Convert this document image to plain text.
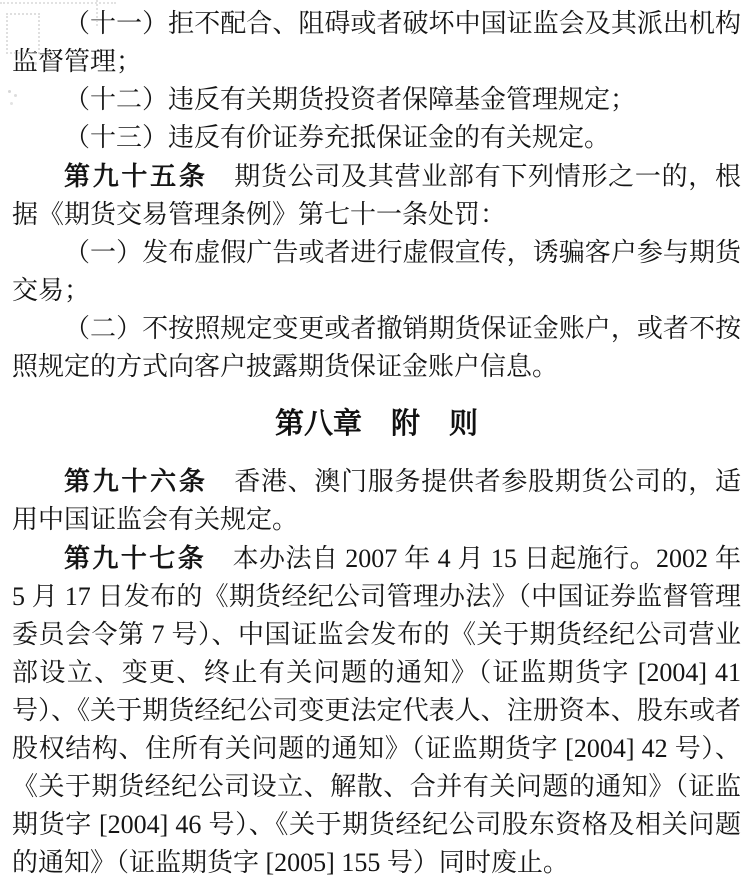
（十一）拒不配合、阻碍或者破坏中国证监会及其派出机构监督管理；

（十二）违反有关期货投资者保障基金管理规定；

（十三）违反有价证券充抵保证金的有关规定。

第九十五条　期货公司及其营业部有下列情形之一的，根据《期货交易管理条例》第七十一条处罚：

（一）发布虚假广告或者进行虚假宣传，诱骗客户参与期货交易；

（二）不按照规定变更或者撤销期货保证金账户，或者不按照规定的方式向客户披露期货保证金账户信息。

第八章　附　则

第九十六条　香港、澳门服务提供者参股期货公司的，适用中国证监会有关规定。

第九十七条　本办法自 2007 年 4 月 15 日起施行。2002 年 5 月 17 日发布的《期货经纪公司管理办法》（中国证券监督管理委员会令第 7 号）、中国证监会发布的《关于期货经纪公司营业部设立、变更、终止有关问题的通知》（证监期货字 [2004] 41 号）、《关于期货经纪公司变更法定代表人、注册资本、股东或者股权结构、住所有关问题的通知》（证监期货字 [2004] 42 号）、《关于期货经纪公司设立、解散、合并有关问题的通知》（证监期货字 [2004] 46 号）、《关于期货经纪公司股东资格及相关问题的通知》（证监期货字 [2005] 155 号）同时废止。
